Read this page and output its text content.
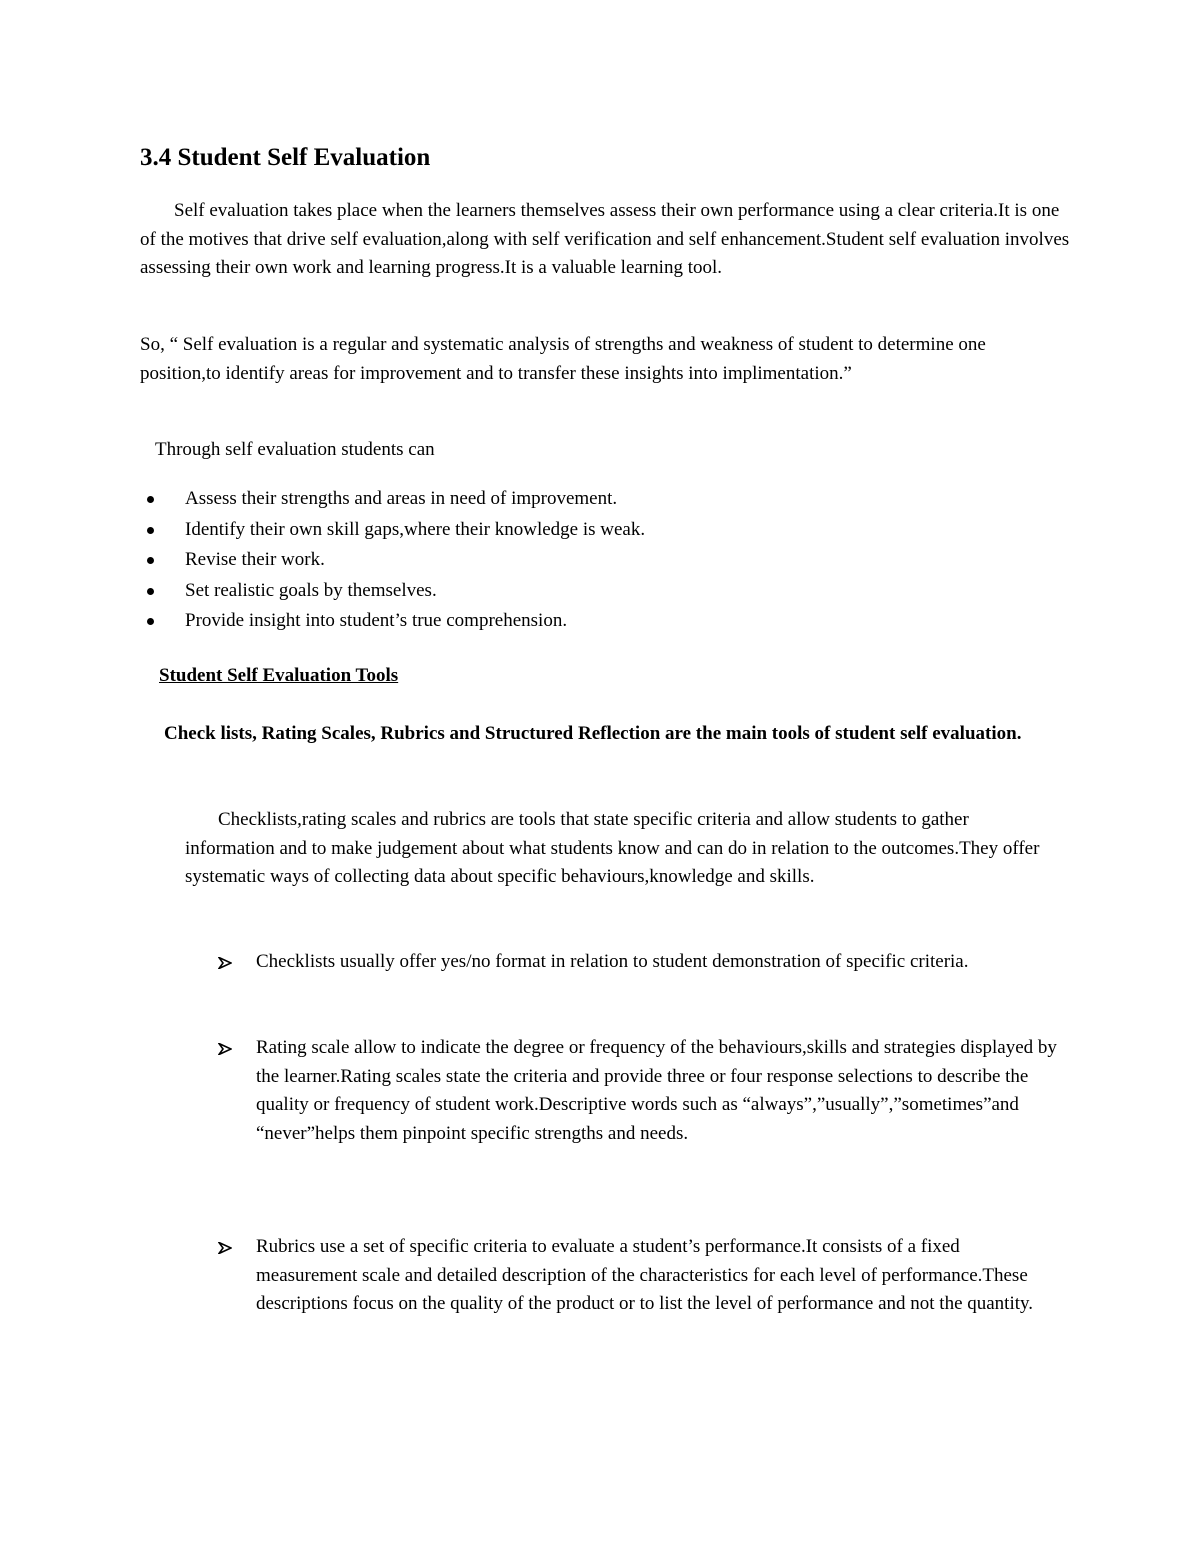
3.4 Student Self Evaluation

Self evaluation takes place when the learners themselves assess their own performance using a clear criteria.It is one of the motives that drive self evaluation,along with self verification and self enhancement.Student self evaluation involves assessing their own work and learning progress.It is a valuable learning tool.

So, “ Self evaluation is a regular and systematic analysis of strengths and weakness of student to determine one position,to identify areas for improvement and to transfer these insights into implimentation.”

Through self evaluation students can

Assess their strengths and areas in need of improvement.
Identify their own skill gaps,where their knowledge is weak.
Revise their work.
Set realistic goals by themselves.
Provide insight into student’s true comprehension.
Student Self Evaluation Tools

Check lists, Rating Scales, Rubrics and Structured Reflection are the main tools of student self evaluation.

Checklists,rating scales and rubrics are tools that state specific criteria and allow students to gather information and to make judgement about what students know and can do in relation to the outcomes.They offer systematic ways of collecting data about specific behaviours,knowledge and skills.

Checklists usually offer yes/no format in relation to student demonstration of specific criteria.
Rating scale allow to indicate the degree or frequency of the behaviours,skills and strategies displayed by the learner.Rating scales state the criteria and provide three or four response selections to describe the quality or frequency of student work.Descriptive words such as “always”,”usually”,”sometimes”and “never”helps them pinpoint specific strengths and needs.
Rubrics use a set of specific criteria to evaluate a student’s performance.It consists of a fixed measurement scale and detailed description of the characteristics for each level of performance.These descriptions focus on the quality of the product or to list the level of performance and not the quantity.
